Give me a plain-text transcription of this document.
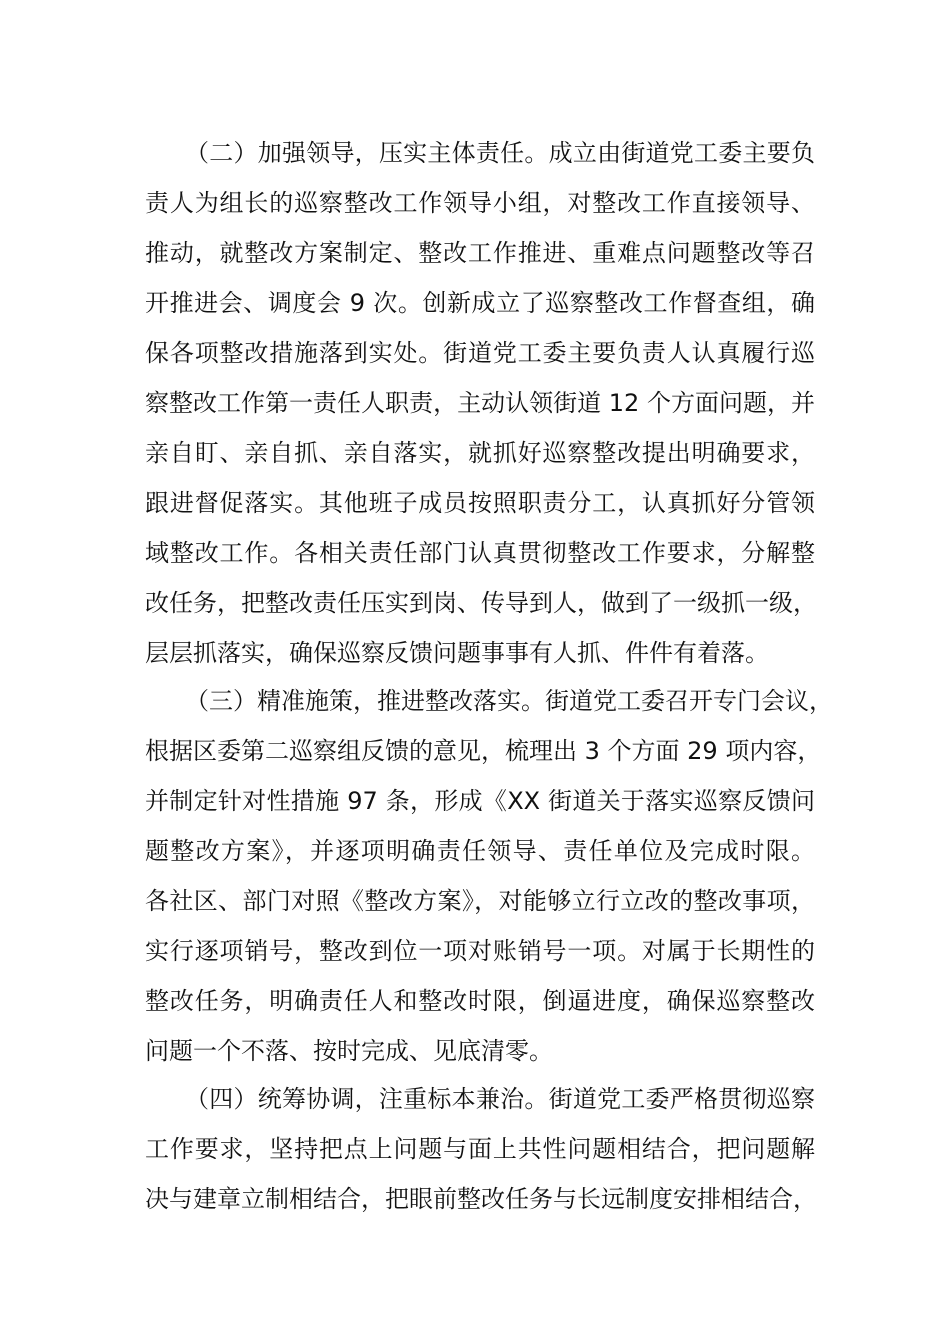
（二）加强领导，压实主体责任。成立由街道党工委主要负
责人为组长的巡察整改工作领导小组，对整改工作直接领导、
推动，就整改方案制定、整改工作推进、重难点问题整改等召
开推进会、调度会 9 次。创新成立了巡察整改工作督查组，确
保各项整改措施落到实处。街道党工委主要负责人认真履行巡
察整改工作第一责任人职责，主动认领街道 12 个方面问题，并
亲自盯、亲自抓、亲自落实，就抓好巡察整改提出明确要求，
跟进督促落实。其他班子成员按照职责分工，认真抓好分管领
域整改工作。各相关责任部门认真贯彻整改工作要求，分解整
改任务，把整改责任压实到岗、传导到人，做到了一级抓一级，
层层抓落实，确保巡察反馈问题事事有人抓、件件有着落。
（三）精准施策，推进整改落实。街道党工委召开专门会议，
根据区委第二巡察组反馈的意见，梳理出 3 个方面 29 项内容，
并制定针对性措施 97 条，形成《XX 街道关于落实巡察反馈问
题整改方案》，并逐项明确责任领导、责任单位及完成时限。
各社区、部门对照《整改方案》，对能够立行立改的整改事项，
实行逐项销号，整改到位一项对账销号一项。对属于长期性的
整改任务，明确责任人和整改时限，倒逼进度，确保巡察整改
问题一个不落、按时完成、见底清零。
（四）统筹协调，注重标本兼治。街道党工委严格贯彻巡察
工作要求，坚持把点上问题与面上共性问题相结合，把问题解
决与建章立制相结合，把眼前整改任务与长远制度安排相结合，
